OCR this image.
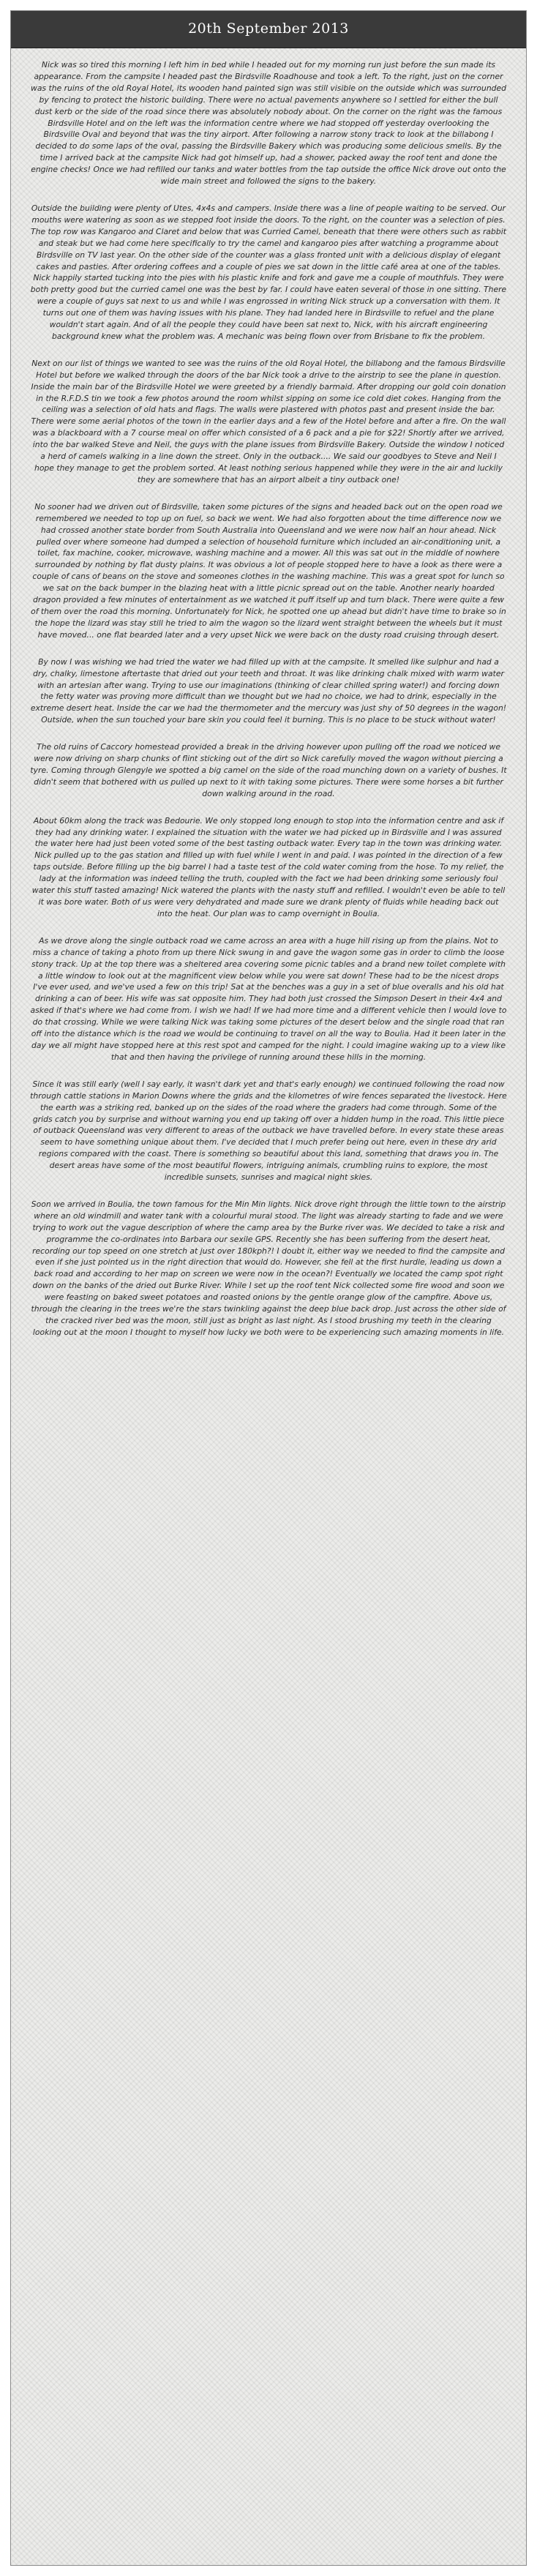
20th September 2013

Nick was so tired this morning I left him in bed while I headed out for my morning run just before the sun made its appearance. From the campsite I headed past the Birdsville Roadhouse and took a left. To the right, just on the corner was the ruins of the old Royal Hotel, its wooden hand painted sign was still visible on the outside which was surrounded by fencing to protect the historic building. There were no actual pavements anywhere so I settled for either the bull dust kerb or the side of the road since there was absolutely nobody about. On the corner on the right was the famous Birdsville Hotel and on the left was the information centre where we had stopped off yesterday overlooking the Birdsville Oval and beyond that was the tiny airport. After following a narrow stony track to look at the billabong I decided to do some laps of the oval, passing the Birdsville Bakery which was producing some delicious smells. By the time I arrived back at the campsite Nick had got himself up, had a shower, packed away the roof tent and done the engine checks! Once we had refilled our tanks and water bottles from the tap outside the office Nick drove out onto the wide main street and followed the signs to the bakery.

Outside the building were plenty of Utes, 4x4s and campers. Inside there was a line of people waiting to be served. Our mouths were watering as soon as we stepped foot inside the doors. To the right, on the counter was a selection of pies. The top row was Kangaroo and Claret and below that was Curried Camel, beneath that there were others such as rabbit and steak but we had come here specifically to try the camel and kangaroo pies after watching a programme about Birdsville on TV last year. On the other side of the counter was a glass fronted unit with a delicious display of elegant cakes and pasties. After ordering coffees and a couple of pies we sat down in the little café area at one of the tables. Nick happily started tucking into the pies with his plastic knife and fork and gave me a couple of mouthfuls. They were both pretty good but the curried camel one was the best by far. I could have eaten several of those in one sitting. There were a couple of guys sat next to us and while I was engrossed in writing Nick struck up a conversation with them. It turns out one of them was having issues with his plane. They had landed here in Birdsville to refuel and the plane wouldn't start again. And of all the people they could have been sat next to, Nick, with his aircraft engineering background knew what the problem was. A mechanic was being flown over from Brisbane to fix the problem.

Next on our list of things we wanted to see was the ruins of the old Royal Hotel, the billabong and the famous Birdsville Hotel but before we walked through the doors of the bar Nick took a drive to the airstrip to see the plane in question. Inside the main bar of the Birdsville Hotel we were greeted by a friendly barmaid. After dropping our gold coin donation in the R.F.D.S tin we took a few photos around the room whilst sipping on some ice cold diet cokes. Hanging from the ceiling was a selection of old hats and flags. The walls were plastered with photos past and present inside the bar. There were some aerial photos of the town in the earlier days and a few of the Hotel before and after a fire. On the wall was a blackboard with a 7 course meal on offer which consisted of a 6 pack and a pie for $22! Shortly after we arrived, into the bar walked Steve and Neil, the guys with the plane issues from Birdsville Bakery. Outside the window I noticed a herd of camels walking in a line down the street. Only in the outback.... We said our goodbyes to Steve and Neil I hope they manage to get the problem sorted. At least nothing serious happened while they were in the air and luckily they are somewhere that has an airport albeit a tiny outback one!

No sooner had we driven out of Birdsville, taken some pictures of the signs and headed back out on the open road we remembered we needed to top up on fuel, so back we went. We had also forgotten about the time difference now we had crossed another state border from South Australia into Queensland and we were now half an hour ahead. Nick pulled over where someone had dumped a selection of household furniture which included an air-conditioning unit, a toilet, fax machine, cooker, microwave, washing machine and a mower. All this was sat out in the middle of nowhere surrounded by nothing by flat dusty plains. It was obvious a lot of people stopped here to have a look as there were a couple of cans of beans on the stove and someones clothes in the washing machine. This was a great spot for lunch so we sat on the back bumper in the blazing heat with a little picnic spread out on the table. Another nearly hoarded dragon provided a few minutes of entertainment as we watched it puff itself up and turn black. There were quite a few of them over the road this morning. Unfortunately for Nick, he spotted one up ahead but didn't have time to brake so in the hope the lizard was stay still he tried to aim the wagon so the lizard went straight between the wheels but it must have moved... one flat bearded later and a very upset Nick we were back on the dusty road cruising through desert.

By now I was wishing we had tried the water we had filled up with at the campsite. It smelled like sulphur and had a dry, chalky, limestone aftertaste that dried out your teeth and throat. It was like drinking chalk mixed with warm water with an artesian after wang. Trying to use our imaginations (thinking of clear chilled spring water!) and forcing down the fetty water was proving more difficult than we thought but we had no choice, we had to drink, especially in the extreme desert heat. Inside the car we had the thermometer and the mercury was just shy of 50 degrees in the wagon! Outside, when the sun touched your bare skin you could feel it burning. This is no place to be stuck without water!

The old ruins of Caccory homestead provided a break in the driving however upon pulling off the road we noticed we were now driving on sharp chunks of flint sticking out of the dirt so Nick carefully moved the wagon without piercing a tyre. Coming through Glengyle we spotted a big camel on the side of the road munching down on a variety of bushes. It didn't seem that bothered with us pulled up next to it with taking some pictures. There were some horses a bit further down walking around in the road.

About 60km along the track was Bedourie. We only stopped long enough to stop into the information centre and ask if they had any drinking water. I explained the situation with the water we had picked up in Birdsville and I was assured the water here had just been voted some of the best tasting outback water. Every tap in the town was drinking water. Nick pulled up to the gas station and filled up with fuel while I went in and paid. I was pointed in the direction of a few taps outside. Before filling up the big barrel I had a taste test of the cold water coming from the hose. To my relief, the lady at the information was indeed telling the truth, coupled with the fact we had been drinking some seriously foul water this stuff tasted amazing! Nick watered the plants with the nasty stuff and refilled. I wouldn't even be able to tell it was bore water. Both of us were very dehydrated and made sure we drank plenty of fluids while heading back out into the heat. Our plan was to camp overnight in Boulia.

As we drove along the single outback road we came across an area with a huge hill rising up from the plains. Not to miss a chance of taking a photo from up there Nick swung in and gave the wagon some gas in order to climb the loose stony track. Up at the top there was a sheltered area covering some picnic tables and a brand new toilet complete with a little window to look out at the magnificent view below while you were sat down! These had to be the nicest drops I've ever used, and we've used a few on this trip! Sat at the benches was a guy in a set of blue overalls and his old hat drinking a can of beer. His wife was sat opposite him. They had both just crossed the Simpson Desert in their 4x4 and asked if that's where we had come from. I wish we had! If we had more time and a different vehicle then I would love to do that crossing. While we were talking Nick was taking some pictures of the desert below and the single road that ran off into the distance which is the road we would be continuing to travel on all the way to Boulia. Had it been later in the day we all might have stopped here at this rest spot and camped for the night. I could imagine waking up to a view like that and then having the privilege of running around these hills in the morning.

Since it was still early (well I say early, it wasn't dark yet and that's early enough) we continued following the road now through cattle stations in Marion Downs where the grids and the kilometres of wire fences separated the livestock. Here the earth was a striking red, banked up on the sides of the road where the graders had come through. Some of the grids catch you by surprise and without warning you end up taking off over a hidden hump in the road. This little piece of outback Queensland was very different to areas of the outback we have travelled before. In every state these areas seem to have something unique about them. I've decided that I much prefer being out here, even in these dry arid regions compared with the coast. There is something so beautiful about this land, something that draws you in. The desert areas have some of the most beautiful flowers, intriguing animals, crumbling ruins to explore, the most incredible sunsets, sunrises and magical night skies.

Soon we arrived in Boulia, the town famous for the Min Min lights. Nick drove right through the little town to the airstrip where an old windmill and water tank with a colourful mural stood. The light was already starting to fade and we were trying to work out the vague description of where the camp area by the Burke river was. We decided to take a risk and programme the co-ordinates into Barbara our sexile GPS. Recently she has been suffering from the desert heat, recording our top speed on one stretch at just over 180kph?! I doubt it, either way we needed to find the campsite and even if she just pointed us in the right direction that would do. However, she fell at the first hurdle, leading us down a back road and according to her map on screen we were now in the ocean?! Eventually we located the camp spot right down on the banks of the dried out Burke River. While I set up the roof tent Nick collected some fire wood and soon we were feasting on baked sweet potatoes and roasted onions by the gentle orange glow of the campfire. Above us, through the clearing in the trees we're the stars twinkling against the deep blue back drop. Just across the other side of the cracked river bed was the moon, still just as bright as last night. As I stood brushing my teeth in the clearing looking out at the moon I thought to myself how lucky we both were to be experiencing such amazing moments in life.
